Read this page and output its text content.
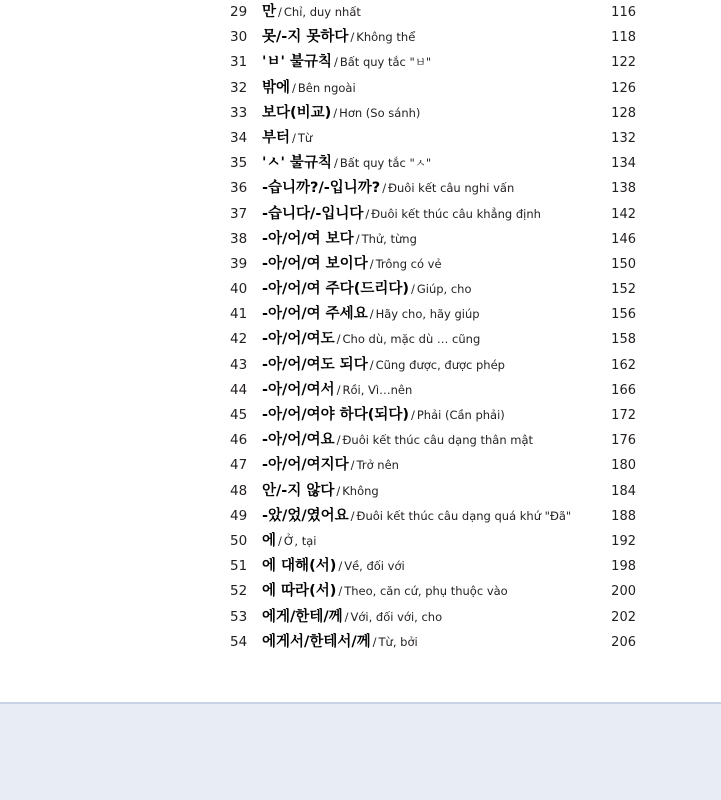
29	만 / Chỉ, duy nhất	116
30	못/-지 못하다 / Không thể	118
31	'ㅂ' 불규칙 / Bất quy tắc "ㅂ"	122
32	밖에 / Bên ngoài	126
33	보다(비교) / Hơn (So sánh)	128
34	부터 / Từ	132
35	'ㅅ' 불규칙 / Bất quy tắc "ㅅ"	134
36	-습니까?/-입니까? / Đuôi kết câu nghi vấn	138
37	-습니다/-입니다 / Đuôi kết thúc câu khẳng định	142
38	-아/어/여 보다 / Thử, từng	146
39	-아/어/여 보이다 / Trông có vẻ	150
40	-아/어/여 주다(드리다) / Giúp, cho	152
41	-아/어/여 주세요 / Hãy cho, hãy giúp	156
42	-아/어/여도 / Cho dù, mặc dù … cũng	158
43	-아/어/여도 되다 / Cũng được, được phép	162
44	-아/어/여서 / Rồi, Vì…nên	166
45	-아/어/여야 하다(되다) / Phải (Cần phải)	172
46	-아/어/여요 / Đuôi kết thúc câu dạng thân mật	176
47	-아/어/여지다 / Trở nên	180
48	안/-지 않다 / Không	184
49	-았/었/였어요 / Đuôi kết thúc câu dạng quá khứ "Đã"	188
50	에 / Ở, tại	192
51	에 대해(서) / Về, đối với	198
52	에 따라(서) / Theo, căn cứ, phụ thuộc vào	200
53	에게/한테/께 / Với, đối với, cho	202
54	에게서/한테서/께 / Từ, bởi	206
